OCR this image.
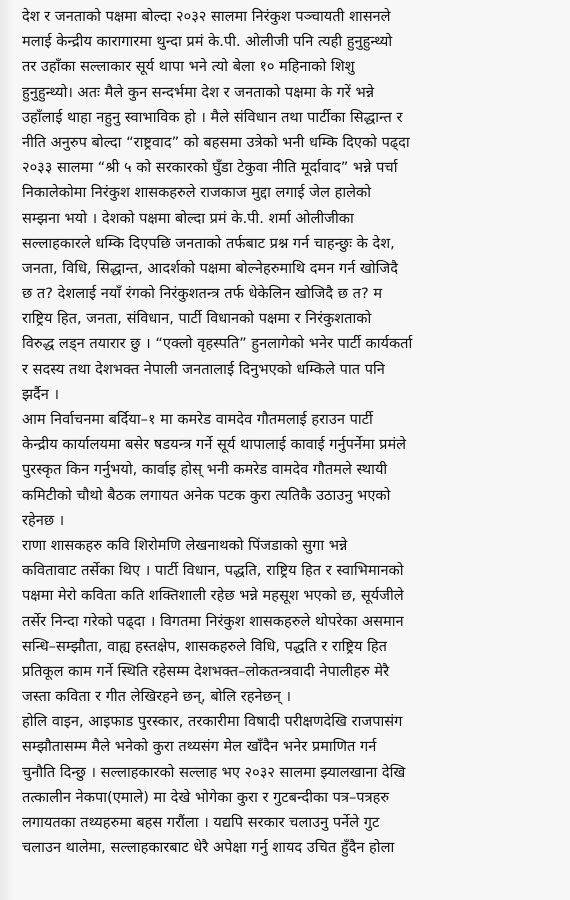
देश र जनताको पक्षमा बोल्दा २०३२ सालमा निरंकुश पञ्चायती शासनले
मलाई केन्द्रीय कारागारमा थुन्दा प्रमं के.पी. ओलीजी पनि त्यही हुनुहुन्थ्यो
तर उहाँका सल्लाकार सूर्य थापा भने त्यो बेला १० महिनाको शिशु
हुनुहुन्थ्यो। अतः मैले कुन सन्दर्भमा देश र जनताको पक्षमा के गरें भन्ने
उहाँलाई थाहा नहुनु स्वाभाविक हो । मैले संविधान तथा पार्टीका सिद्धान्त र
नीति अनुरुप बोल्दा “राष्ट्रवाद” को बहसमा उत्रेको भनी धम्कि दिएको पढ्दा
२०३३ सालमा “श्री ५ को सरकारको घुँडा टेकुवा नीति मूर्दावाद” भन्ने पर्चा
निकालेकोमा निरंकुश शासकहरुले राजकाज मुद्दा लगाई जेल हालेको
सम्झना भयो । देशको पक्षमा बोल्दा प्रमं के.पी. शर्मा ओलीजीका
सल्लाहकारले धम्कि दिएपछि जनताको तर्फबाट प्रश्न गर्न चाहन्छुः के देश,
जनता, विधि, सिद्धान्त, आदर्शको पक्षमा बोल्नेहरुमाथि दमन गर्न खोजिदै
छ त? देशलाई नयाँ रंगको निरंकुशतन्त्र तर्फ धेकेलिन खोजिदै छ त? म
राष्ट्रिय हित, जनता, संविधान, पार्टी विधानको पक्षमा र निरंकुशताको
विरुद्ध लड्न तयारार छु । “एक्लो वृहस्पति” हुनलागेको भनेर पार्टी कार्यकर्ता
र सदस्य तथा देशभक्त नेपाली जनतालाई दिनुभएको धम्किले पात पनि
झर्दैन ।
आम निर्वाचनमा बर्दिया–१ मा कमरेड वामदेव गौतमलाई हराउन पार्टी
केन्द्रीय कार्यालयमा बसेर षडयन्त्र गर्ने सूर्य थापालाई कावाई गर्नुपर्नेमा प्रमंले
पुरस्कृत किन गर्नुभयो, कार्वाइ होस् भनी कमरेड वामदेव गौतमले स्थायी
कमिटीको चौथो बैठक लगायत अनेक पटक कुरा त्यतिकै उठाउनु भएको
रहेनछ ।
राणा शासकहरु कवि शिरोमणि लेखनाथको पिंजडाको सुगा भन्ने
कवितावाट तर्सेका थिए । पार्टी विधान, पद्धति, राष्ट्रिय हित र स्वाभिमानको
पक्षमा मेरो कविता कति शक्तिशाली रहेछ भन्ने महसूश भएको छ, सूर्यजीले
तर्सेर निन्दा गरेको पढ्दा । विगतमा निरंकुश शासकहरुले थोपरेका असमान
सन्धि–सम्झौता, वाह्य हस्तक्षेप, शासकहरुले विधि, पद्धति र राष्ट्रिय हित
प्रतिकूल काम गर्ने स्थिति रहेसम्म देशभक्त–लोकतन्त्रवादी नेपालीहरु मेरै
जस्ता कविता र गीत लेखिरहने छन्, बोलि रहनेछन् ।
होलि वाइन, आइफाड पुरस्कार, तरकारीमा विषादी परीक्षणदेखि राजपासंग
सम्झौतासम्म मैले भनेको कुरा तथ्यसंग मेल खाँदैन भनेर प्रमाणित गर्न
चुनौति दिन्छु । सल्लाहकारको सल्लाह भए २०३२ सालमा झ्यालखाना देखि
तत्कालीन नेकपा(एमाले) मा देखे भोगेका कुरा र गुटबन्दीका पत्र–पत्रहरु
लगायतका तथ्यहरुमा बहस गरौंला । यद्यपि सरकार चलाउनु पर्नेले गुट
चलाउन थालेमा, सल्लाहकारबाट धेरै अपेक्षा गर्नु शायद उचित हुँदैन होला
